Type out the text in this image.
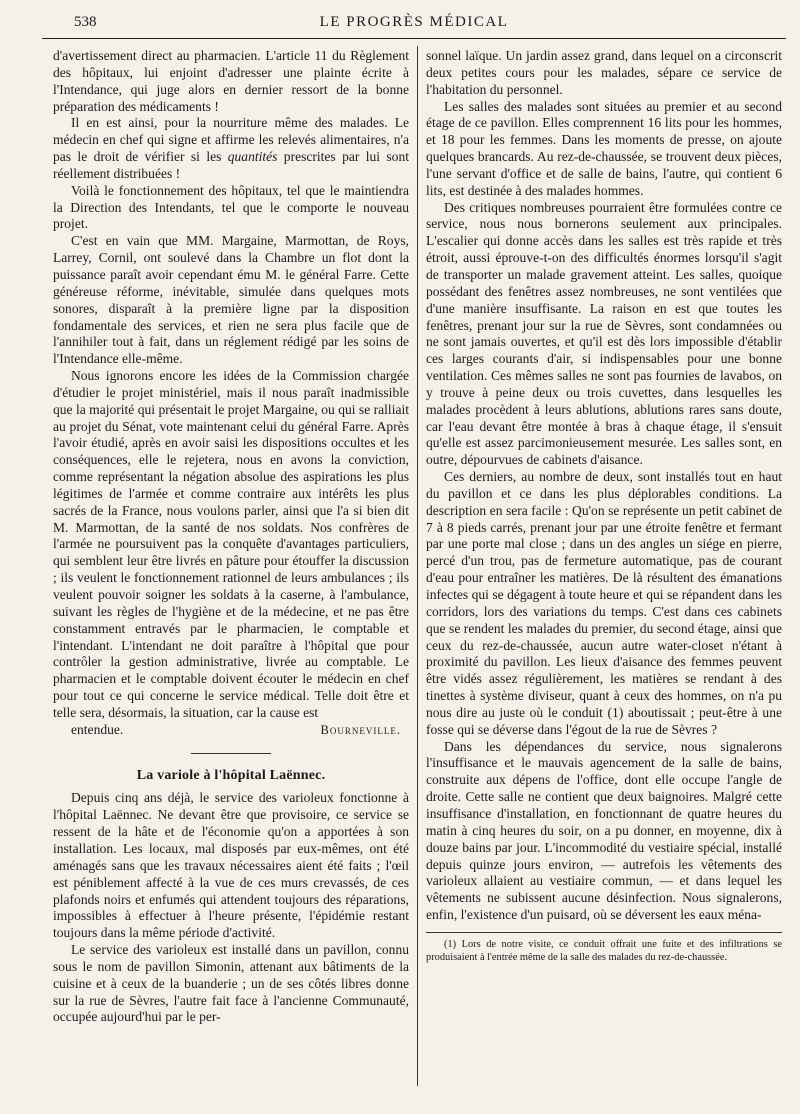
538	LE PROGRÈS MÉDICAL

d'avertissement direct au pharmacien. L'article 11 du Règlement des hôpitaux, lui enjoint d'adresser une plainte écrite à l'Intendance, qui juge alors en dernier ressort de la bonne préparation des médicaments !

Il en est ainsi, pour la nourriture même des malades. Le médecin en chef qui signe et affirme les relevés alimentaires, n'a pas le droit de vérifier si les quantités prescrites par lui sont réellement distribuées !

Voilà le fonctionnement des hôpitaux, tel que le maintiendra la Direction des Intendants, tel que le comporte le nouveau projet.

C'est en vain que MM. Margaine, Marmottan, de Roys, Larrey, Cornil, ont soulevé dans la Chambre un flot dont la puissance paraît avoir cependant ému M. le général Farre. Cette généreuse réforme, inévitable, simulée dans quelques mots sonores, disparaît à la première ligne par la disposition fondamentale des services, et rien ne sera plus facile que de l'annihiler tout à fait, dans un réglement rédigé par les soins de l'Intendance elle-même.

Nous ignorons encore les idées de la Commission chargée d'étudier le projet ministériel, mais il nous paraît inadmissible que la majorité qui présentait le projet Margaine, ou qui se ralliait au projet du Sénat, vote maintenant celui du général Farre. Après l'avoir étudié, après en avoir saisi les dispositions occultes et les conséquences, elle le rejetera, nous en avons la conviction, comme représentant la négation absolue des aspirations les plus légitimes de l'armée et comme contraire aux intérêts les plus sacrés de la France, nous voulons parler, ainsi que l'a si bien dit M. Marmottan, de la santé de nos soldats. Nos confrères de l'armée ne poursuivent pas la conquête d'avantages particuliers, qui semblent leur être livrés en pâture pour étouffer la discussion ; ils veulent le fonctionnement rationnel de leurs ambulances ; ils veulent pouvoir soigner les soldats à la caserne, à l'ambulance, suivant les règles de l'hygiène et de la médecine, et ne pas être constamment entravés par le pharmacien, le comptable et l'intendant. L'intendant ne doit paraître à l'hôpital que pour contrôler la gestion administrative, livrée au comptable. Le pharmacien et le comptable doivent écouter le médecin en chef pour tout ce qui concerne le service médical. Telle doit être et telle sera, désormais, la situation, car la cause est

entendue.	Bourneville.
La variole à l'hôpital Laënnec.

Depuis cinq ans déjà, le service des varioleux fonctionne à l'hôpital Laënnec. Ne devant être que provisoire, ce service se ressent de la hâte et de l'économie qu'on a apportées à son installation. Les locaux, mal disposés par eux-mêmes, ont été aménagés sans que les travaux nécessaires aient été faits ; l'œil est péniblement affecté à la vue de ces murs crevassés, de ces plafonds noirs et enfumés qui attendent toujours des réparations, impossibles à effectuer à l'heure présente, l'épidémie restant toujours dans la même période d'activité.

Le service des varioleux est installé dans un pavillon, connu sous le nom de pavillon Simonin, attenant aux bâtiments de la cuisine et à ceux de la buanderie ; un de ses côtés libres donne sur la rue de Sèvres, l'autre fait face à l'ancienne Communauté, occupée aujourd'hui par le per-

sonnel laïque. Un jardin assez grand, dans lequel on a circonscrit deux petites cours pour les malades, sépare ce service de l'habitation du personnel.

Les salles des malades sont situées au premier et au second étage de ce pavillon. Elles comprennent 16 lits pour les hommes, et 18 pour les femmes. Dans les moments de presse, on ajoute quelques brancards. Au rez-de-chaussée, se trouvent deux pièces, l'une servant d'office et de salle de bains, l'autre, qui contient 6 lits, est destinée à des malades hommes.

Des critiques nombreuses pourraient être formulées contre ce service, nous nous bornerons seulement aux principales. L'escalier qui donne accès dans les salles est très rapide et très étroit, aussi éprouve-t-on des difficultés énormes lorsqu'il s'agit de transporter un malade gravement atteint. Les salles, quoique possédant des fenêtres assez nombreuses, ne sont ventilées que d'une manière insuffisante. La raison en est que toutes les fenêtres, prenant jour sur la rue de Sèvres, sont condamnées ou ne sont jamais ouvertes, et qu'il est dès lors impossible d'établir ces larges courants d'air, si indispensables pour une bonne ventilation. Ces mêmes salles ne sont pas fournies de lavabos, on y trouve à peine deux ou trois cuvettes, dans lesquelles les malades procèdent à leurs ablutions, ablutions rares sans doute, car l'eau devant être montée à bras à chaque étage, il s'ensuit qu'elle est assez parcimonieusement mesurée. Les salles sont, en outre, dépourvues de cabinets d'aisance.

Ces derniers, au nombre de deux, sont installés tout en haut du pavillon et ce dans les plus déplorables conditions. La description en sera facile : Qu'on se représente un petit cabinet de 7 à 8 pieds carrés, prenant jour par une étroite fenêtre et fermant par une porte mal close ; dans un des angles un siége en pierre, percé d'un trou, pas de fermeture automatique, pas de courant d'eau pour entraîner les matières. De là résultent des émanations infectes qui se dégagent à toute heure et qui se répandent dans les corridors, lors des variations du temps. C'est dans ces cabinets que se rendent les malades du premier, du second étage, ainsi que ceux du rez-de-chaussée, aucun autre water-closet n'étant à proximité du pavillon. Les lieux d'aisance des femmes peuvent être vidés assez régulièrement, les matières se rendant à des tinettes à système diviseur, quant à ceux des hommes, on n'a pu nous dire au juste où le conduit (1) aboutissait ; peut-être à une fosse qui se déverse dans l'égout de la rue de Sèvres ?

Dans les dépendances du service, nous signalerons l'insuffisance et le mauvais agencement de la salle de bains, construite aux dépens de l'office, dont elle occupe l'angle de droite. Cette salle ne contient que deux baignoires. Malgré cette insuffisance d'installation, en fonctionnant de quatre heures du matin à cinq heures du soir, on a pu donner, en moyenne, dix à douze bains par jour. L'incommodité du vestiaire spécial, installé depuis quinze jours environ, — autrefois les vêtements des varioleux allaient au vestiaire commun, — et dans lequel les vêtements ne subissent aucune désinfection. Nous signalerons, enfin, l'existence d'un puisard, où se déversent les eaux ména-

(1) Lors de notre visite, ce conduit offrait une fuite et des infiltrations se produisaient à l'entrée même de la salle des malades du rez-de-chaussée.
